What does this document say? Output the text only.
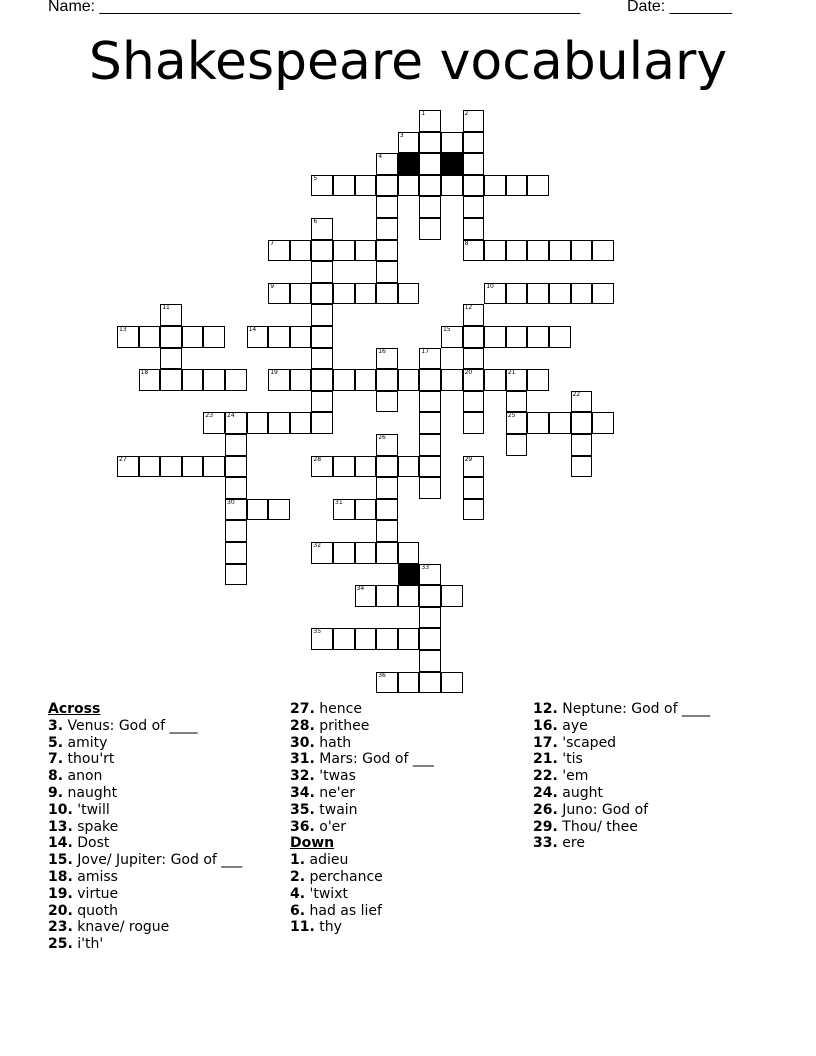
Name: ______________________________________________________	Date: _______
Shakespeare vocabulary
1	2
3
4
5
6
7	8
9	10
11	12
13	14	15
16	17
18	19	20	21
22
23 24	25
26
27	28	29
30	31
32
33
34
35
36
Across
3. Venus: God of ____
5. amity
7. thou'rt
8. anon
9. naught
10. 'twill
13. spake
14. Dost
15. Jove/ Jupiter: God of ___
18. amiss
19. virtue
20. quoth
23. knave/ rogue
25. i'th'
27. hence
28. prithee
30. hath
31. Mars: God of ___
32. 'twas
34. ne'er
35. twain
36. o'er
Down
1. adieu
2. perchance
4. 'twixt
6. had as lief
11. thy
12. Neptune: God of ____
16. aye
17. 'scaped
21. 'tis
22. 'em
24. aught
26. Juno: God of
29. Thou/ thee
33. ere
